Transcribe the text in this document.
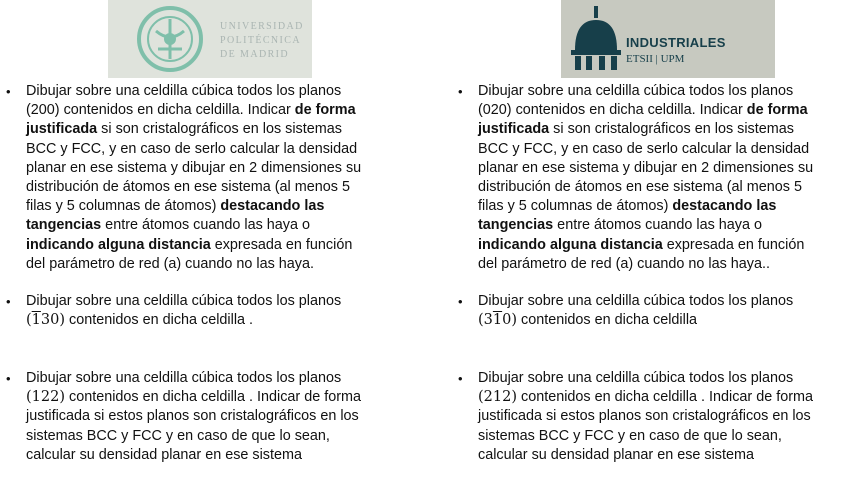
UNIVERSIDAD
POLITÉCNICA
DE MADRID
INDUSTRIALES
ETSII | UPM
• Dibujar sobre una celdilla cúbica todos los planos
(200) contenidos en dicha celdilla. Indicar de forma
justificada si son cristalográficos en los sistemas
BCC y FCC, y en caso de serlo calcular la densidad
planar en ese sistema y dibujar en 2 dimensiones su
distribución de átomos en ese sistema (al menos 5
filas y 5 columnas de átomos) destacando las
tangencias entre átomos cuando las haya o
indicando alguna distancia expresada en función
del parámetro de red (a) cuando no las haya.
• Dibujar sobre una celdilla cúbica todos los planos
(130) contenidos en dicha celdilla .
• Dibujar sobre una celdilla cúbica todos los planos
(122) contenidos en dicha celdilla . Indicar de forma
justificada si estos planos son cristalográficos en los
sistemas BCC y FCC y en caso de que lo sean,
calcular su densidad planar en ese sistema
• Dibujar sobre una celdilla cúbica todos los planos
(020) contenidos en dicha celdilla. Indicar de forma
justificada si son cristalográficos en los sistemas
BCC y FCC, y en caso de serlo calcular la densidad
planar en ese sistema y dibujar en 2 dimensiones su
distribución de átomos en ese sistema (al menos 5
filas y 5 columnas de átomos) destacando las
tangencias entre átomos cuando las haya o
indicando alguna distancia expresada en función
del parámetro de red (a) cuando no las haya..
• Dibujar sobre una celdilla cúbica todos los planos
(310) contenidos en dicha celdilla
• Dibujar sobre una celdilla cúbica todos los planos
(212) contenidos en dicha celdilla . Indicar de forma
justificada si estos planos son cristalográficos en los
sistemas BCC y FCC y en caso de que lo sean,
calcular su densidad planar en ese sistema
